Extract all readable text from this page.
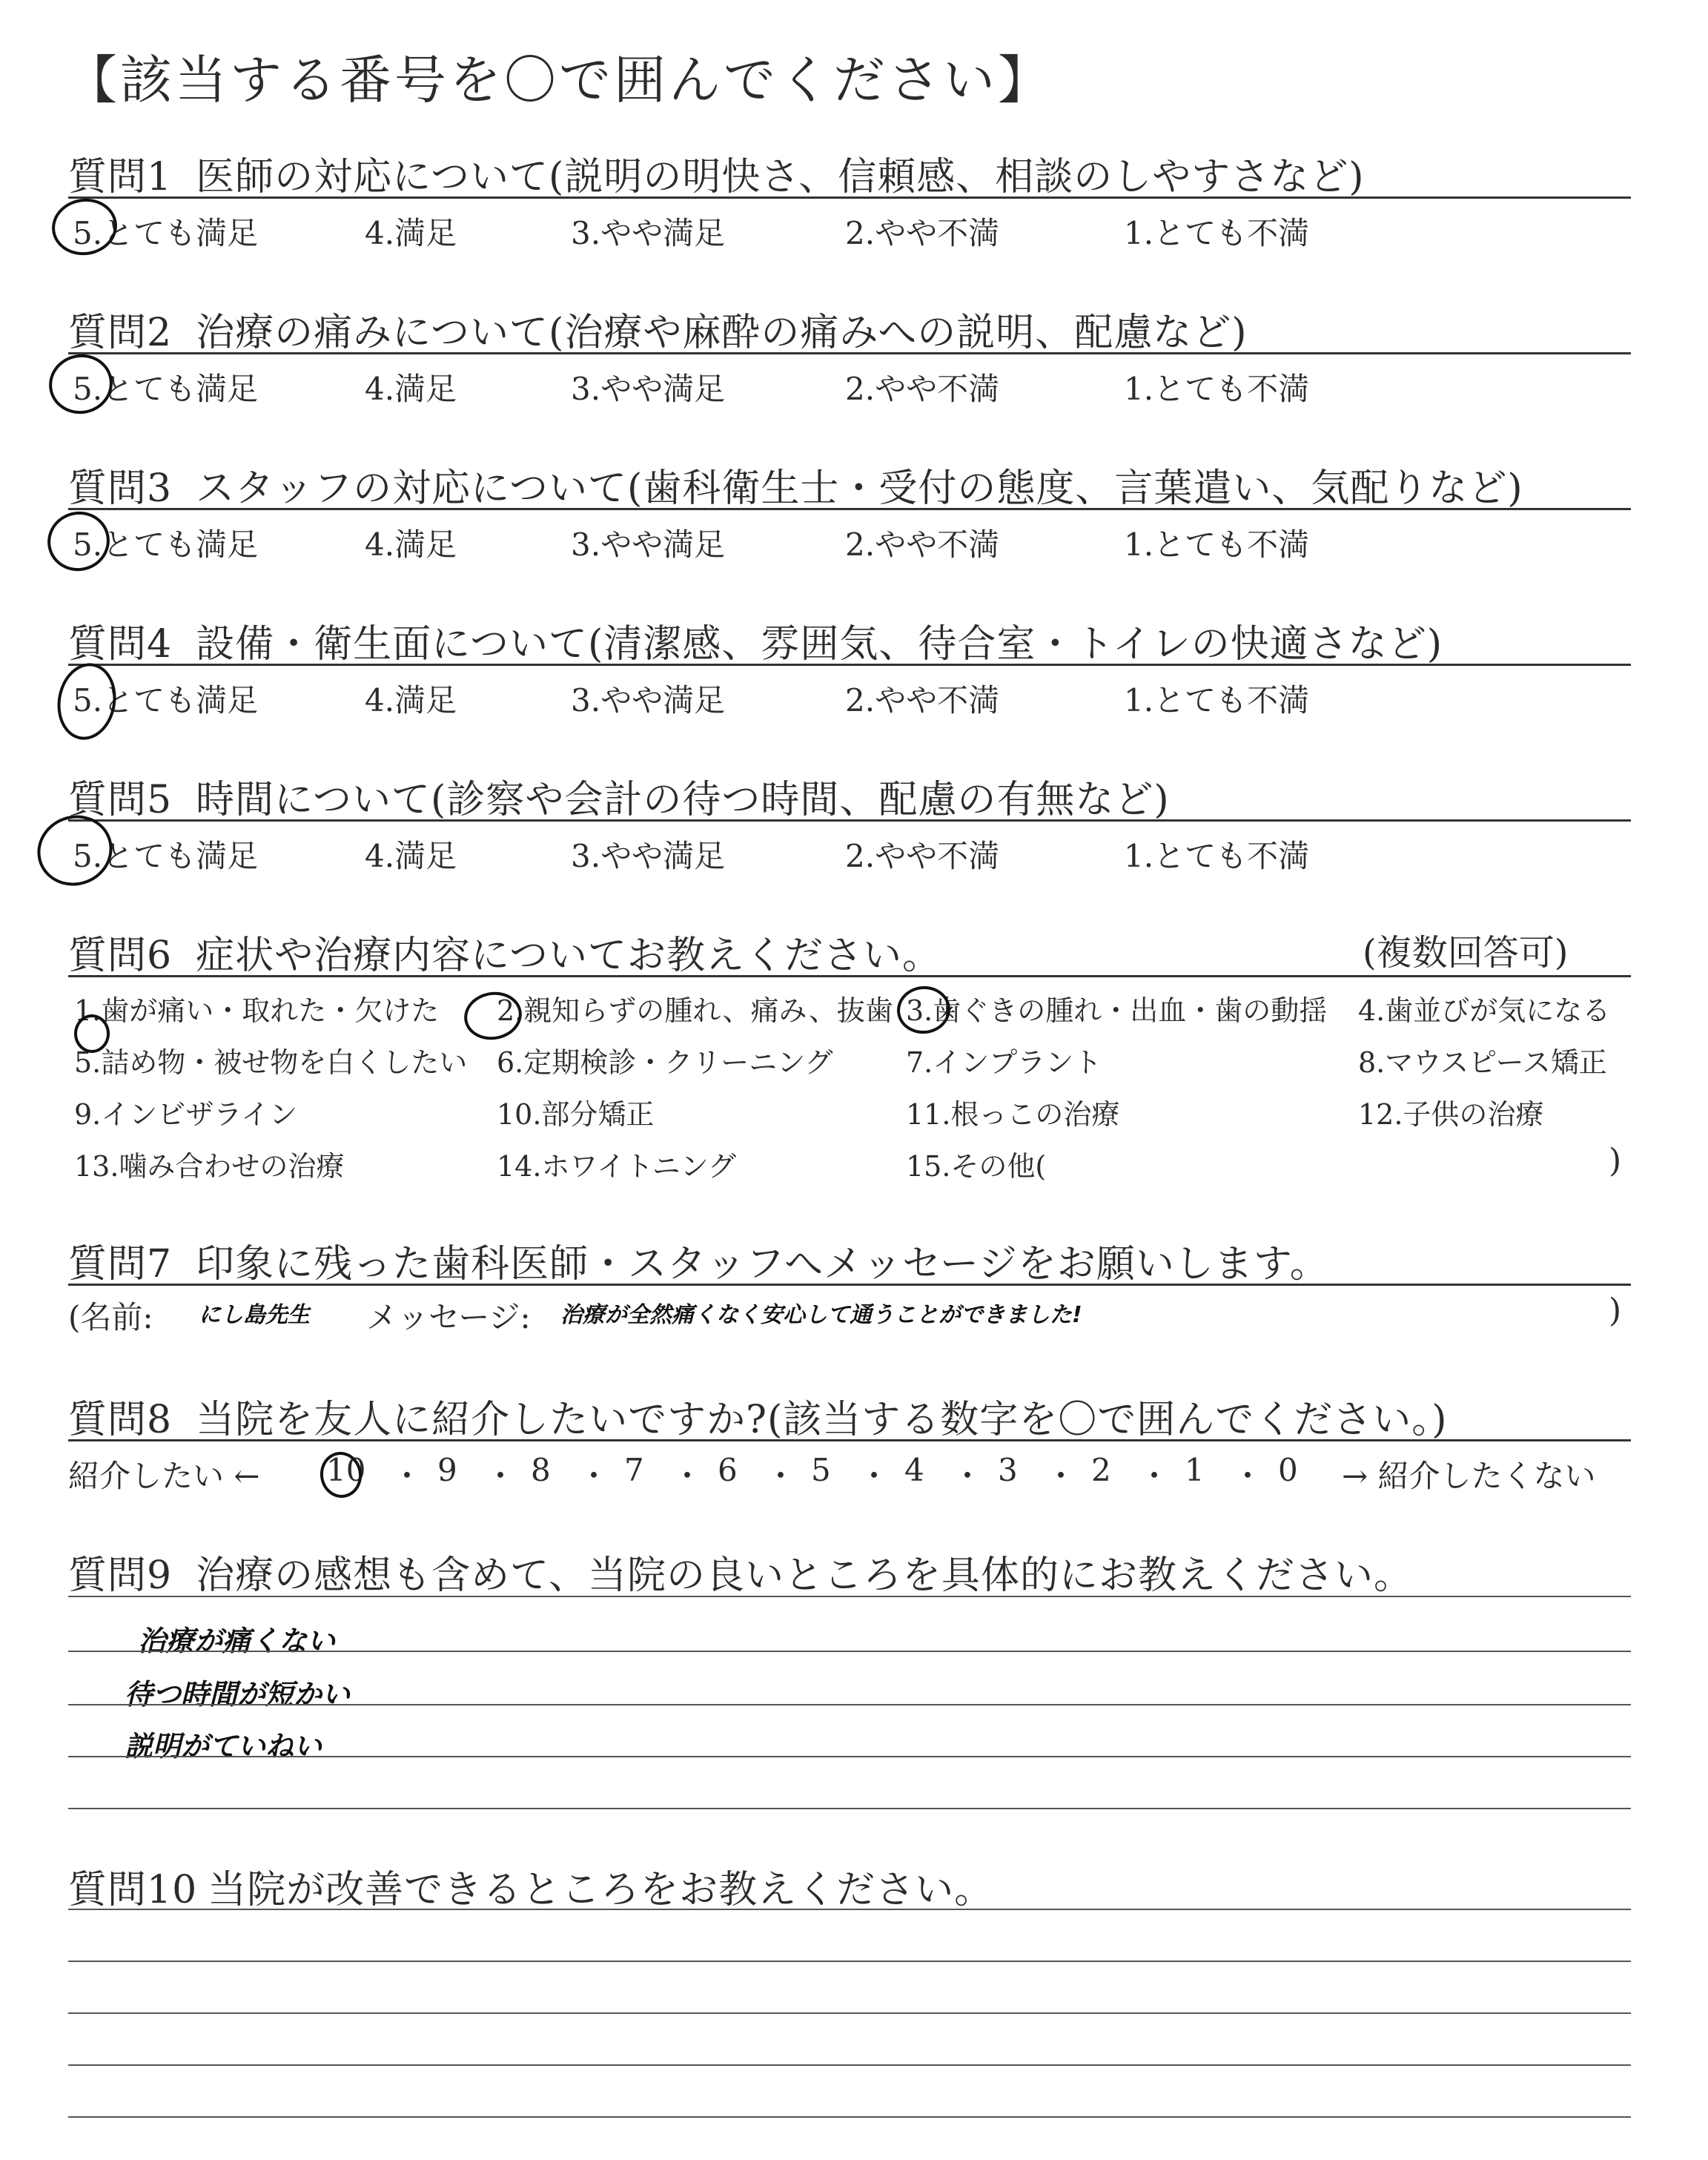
【該当する番号を〇で囲んでください】
質問1 医師の対応について(説明の明快さ、信頼感、相談のしやすさなど)
5.とても満足	4.満足	3.やや満足	2.やや不満	1.とても不満
質問2 治療の痛みについて(治療や麻酔の痛みへの説明、配慮など)
5.とても満足	4.満足	3.やや満足	2.やや不満	1.とても不満
質問3 スタッフの対応について(歯科衛生士・受付の態度、言葉遣い、気配りなど)
5.とても満足	4.満足	3.やや満足	2.やや不満	1.とても不満
質問4 設備・衛生面について(清潔感、雰囲気、待合室・トイレの快適さなど)
5.とても満足	4.満足	3.やや満足	2.やや不満	1.とても不満
質問5 時間について(診察や会計の待つ時間、配慮の有無など)
5.とても満足	4.満足	3.やや満足	2.やや不満	1.とても不満
質問6 症状や治療内容についてお教えください。	(複数回答可)
1.歯が痛い・取れた・欠けた 2.親知らずの腫れ、痛み、抜歯 3.歯ぐきの腫れ・出血・歯の動揺 4.歯並びが気になる
5.詰め物・被せ物を白くしたい 6.定期検診・クリーニング	7.インプラント	8.マウスピース矯正
9.インビザライン	10.部分矯正	11.根っこの治療	12.子供の治療
13.噛み合わせの治療	14.ホワイトニング	15.その他(	)
質問7 印象に残った歯科医師・スタッフへメッセージをお願いします。
(名前: にし島先生 メッセージ: 治療が全然痛くなく安心して通うことができました!	)
質問8 当院を友人に紹介したいですか?(該当する数字を〇で囲んでください。)
紹介したい ← 10 ・ 9 ・ 8 ・ 7 ・ 6 ・ 5 ・ 4 ・ 3 ・ 2 ・ 1 ・ 0 → 紹介したくない
質問9 治療の感想も含めて、当院の良いところを具体的にお教えください。
治療が痛くない
待つ時間が短かい
説明がていねい
質問10 当院が改善できるところをお教えください。
